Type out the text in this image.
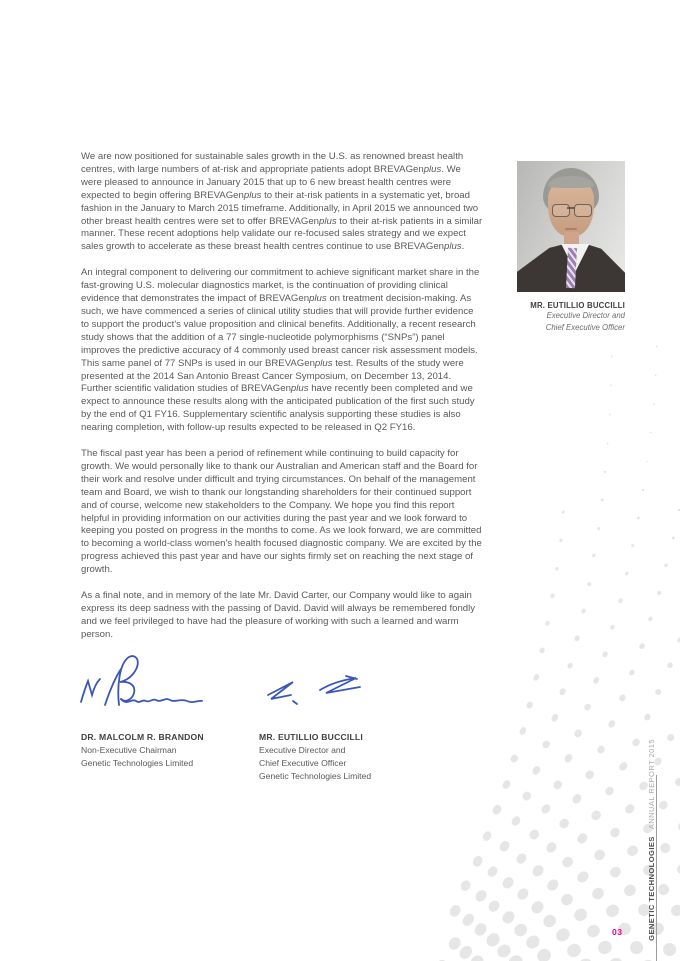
We are now positioned for sustainable sales growth in the U.S. as renowned breast health centres, with large numbers of at-risk and appropriate patients adopt BREVAGenplus. We were pleased to announce in January 2015 that up to 6 new breast health centres were expected to begin offering BREVAGenplus to their at-risk patients in a systematic yet, broad fashion in the January to March 2015 timeframe. Additionally, in April 2015 we announced two other breast health centres were set to offer BREVAGenplus to their at-risk patients in a similar manner. These recent adoptions help validate our re-focused sales strategy and we expect sales growth to accelerate as these breast health centres continue to use BREVAGenplus.

An integral component to delivering our commitment to achieve significant market share in the fast-growing U.S. molecular diagnostics market, is the continuation of providing clinical evidence that demonstrates the impact of BREVAGenplus on treatment decision-making. As such, we have commenced a series of clinical utility studies that will provide further evidence to support the product's value proposition and clinical benefits. Additionally, a recent research study shows that the addition of a 77 single-nucleotide polymorphisms (“SNPs”) panel improves the predictive accuracy of 4 commonly used breast cancer risk assessment models. This same panel of 77 SNPs is used in our BREVAGenplus test. Results of the study were presented at the 2014 San Antonio Breast Cancer Symposium, on December 13, 2014. Further scientific validation studies of BREVAGenplus have recently been completed and we expect to announce these results along with the anticipated publication of the first such study by the end of Q1 FY16. Supplementary scientific analysis supporting these studies is also nearing completion, with follow-up results expected to be released in Q2 FY16.

The fiscal past year has been a period of refinement while continuing to build capacity for growth. We would personally like to thank our Australian and American staff and the Board for their work and resolve under difficult and trying circumstances. On behalf of the management team and Board, we wish to thank our longstanding shareholders for their continued support and of course, welcome new stakeholders to the Company. We hope you find this report helpful in providing information on our activities during the past year and we look forward to keeping you posted on progress in the months to come. As we look forward, we are committed to becoming a world-class women's health focused diagnostic company. We are excited by the progress achieved this past year and have our sights firmly set on reaching the next stage of growth.

As a final note, and in memory of the late Mr. David Carter, our Company would like to again express its deep sadness with the passing of David. David will always be remembered fondly and we feel privileged to have had the pleasure of working with such a learned and warm person.

MR. EUTILLIO BUCCILLI
Executive Director and
Chief Executive Officer
DR. MALCOLM R. BRANDON
Non-Executive Chairman
Genetic Technologies Limited
MR. EUTILLIO BUCCILLI
Executive Director and
Chief Executive Officer
Genetic Technologies Limited
GENETIC TECHNOLOGIESANNUAL REPORT 2015
03
